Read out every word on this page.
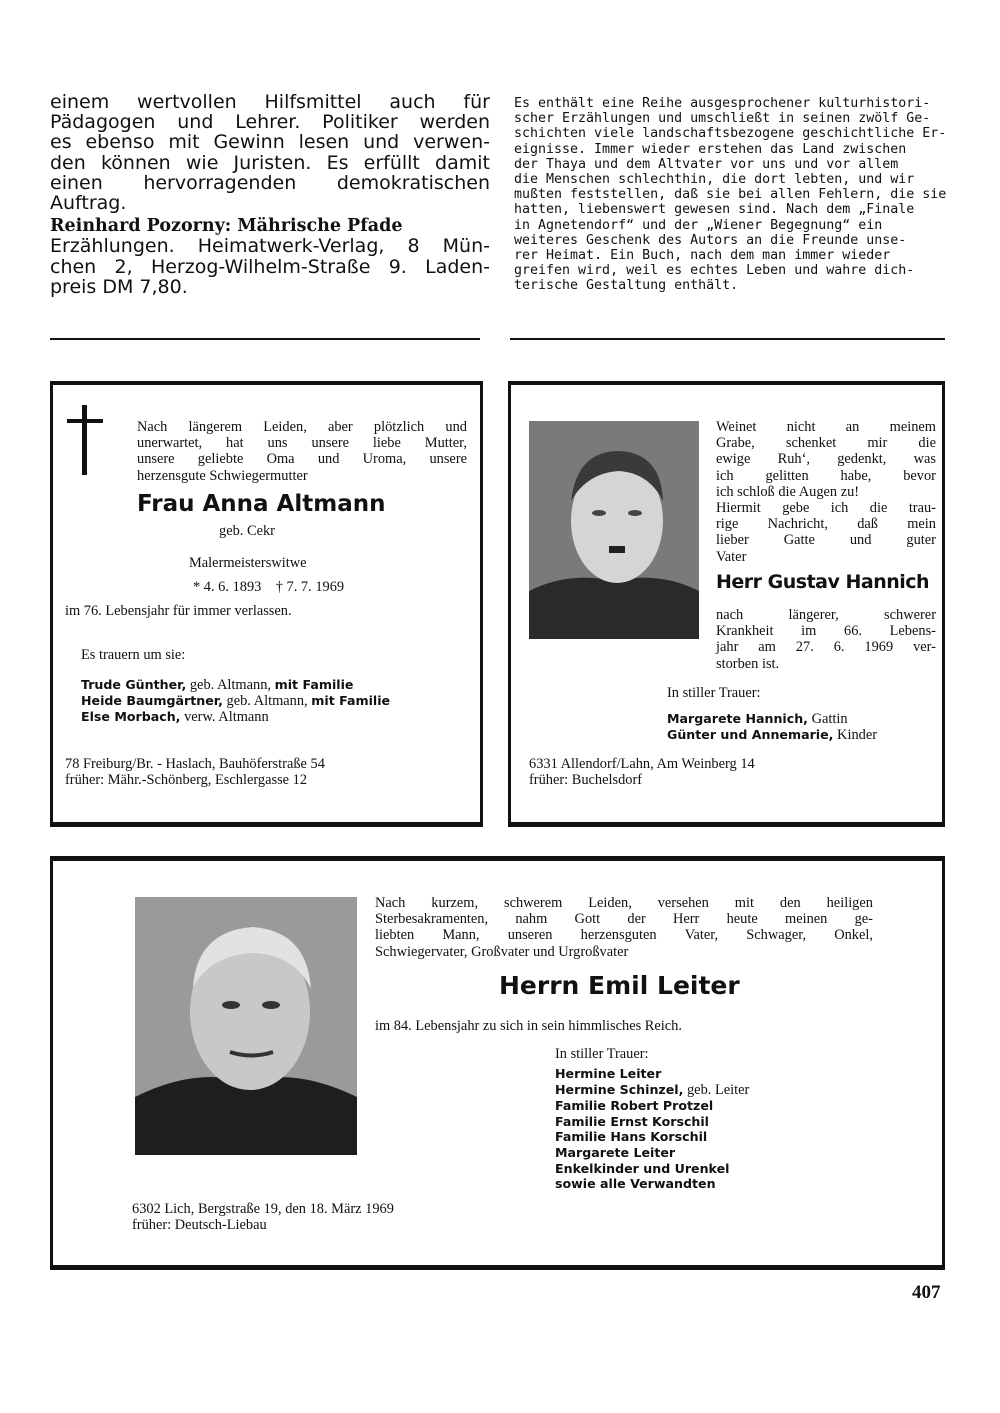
einem wertvollen Hilfsmittel auch für
Pädagogen und Lehrer. Politiker werden
es ebenso mit Gewinn lesen und verwen-
den können wie Juristen. Es erfüllt damit
einen hervorragenden demokratischen
Auftrag.
Reinhard Pozorny: Mährische Pfade
Erzählungen. Heimatwerk-Verlag, 8 Mün-
chen 2, Herzog-Wilhelm-Straße 9. Laden-
preis DM 7,80.
Es enthält eine Reihe ausgesprochener kulturhistori-
scher Erzählungen und umschließt in seinen zwölf Ge-
schichten viele landschaftsbezogene geschichtliche Er-
eignisse. Immer wieder erstehen das Land zwischen
der Thaya und dem Altvater vor uns und vor allem
die Menschen schlechthin, die dort lebten, und wir
mußten feststellen, daß sie bei allen Fehlern, die sie
hatten, liebenswert gewesen sind. Nach dem „Finale
in Agnetendorf“ und der „Wiener Begegnung“ ein
weiteres Geschenk des Autors an die Freunde unse-
rer Heimat. Ein Buch, nach dem man immer wieder
greifen wird, weil es echtes Leben und wahre dich-
terische Gestaltung enthält.
Nach längerem Leiden, aber plötzlich und
unerwartet, hat uns unsere liebe Mutter,
unsere geliebte Oma und Uroma, unsere
herzensgute Schwiegermutter
Frau Anna Altmann
geb. Cekr
Malermeisterswitwe
* 4. 6. 1893    † 7. 7. 1969
im 76. Lebensjahr für immer verlassen.
Es trauern um sie:
Trude Günther, geb. Altmann, mit Familie
Heide Baumgärtner, geb. Altmann, mit Familie
Else Morbach, verw. Altmann
78 Freiburg/Br. - Haslach, Bauhöferstraße 54
früher: Mähr.-Schönberg, Eschlergasse 12
Weinet nicht an meinem
Grabe, schenket mir die
ewige Ruh‘, gedenkt, was
ich gelitten habe, bevor
ich schloß die Augen zu!
Hiermit gebe ich die trau-
rige Nachricht, daß mein
lieber Gatte und guter
Vater
Herr Gustav Hannich
nach	längerer,	schwerer
Krankheit im 66. Lebens-
jahr am 27. 6. 1969 ver-
storben ist.
In stiller Trauer:
Margarete Hannich, Gattin
Günter und Annemarie, Kinder
6331 Allendorf/Lahn, Am Weinberg 14
früher: Buchelsdorf
Nach kurzem, schwerem Leiden, versehen mit den heiligen
Sterbesakramenten, nahm Gott der Herr heute meinen ge-
liebten Mann, unseren herzensguten Vater, Schwager, Onkel,
Schwiegervater, Großvater und Urgroßvater
Herrn Emil Leiter
im 84. Lebensjahr zu sich in sein himmlisches Reich.
In stiller Trauer:
Hermine Leiter
Hermine Schinzel, geb. Leiter
Familie Robert Protzel
Familie Ernst Korschil
Familie Hans Korschil
Margarete Leiter
Enkelkinder und Urenkel
sowie alle Verwandten
6302 Lich, Bergstraße 19, den 18. März 1969
früher: Deutsch-Liebau
407
